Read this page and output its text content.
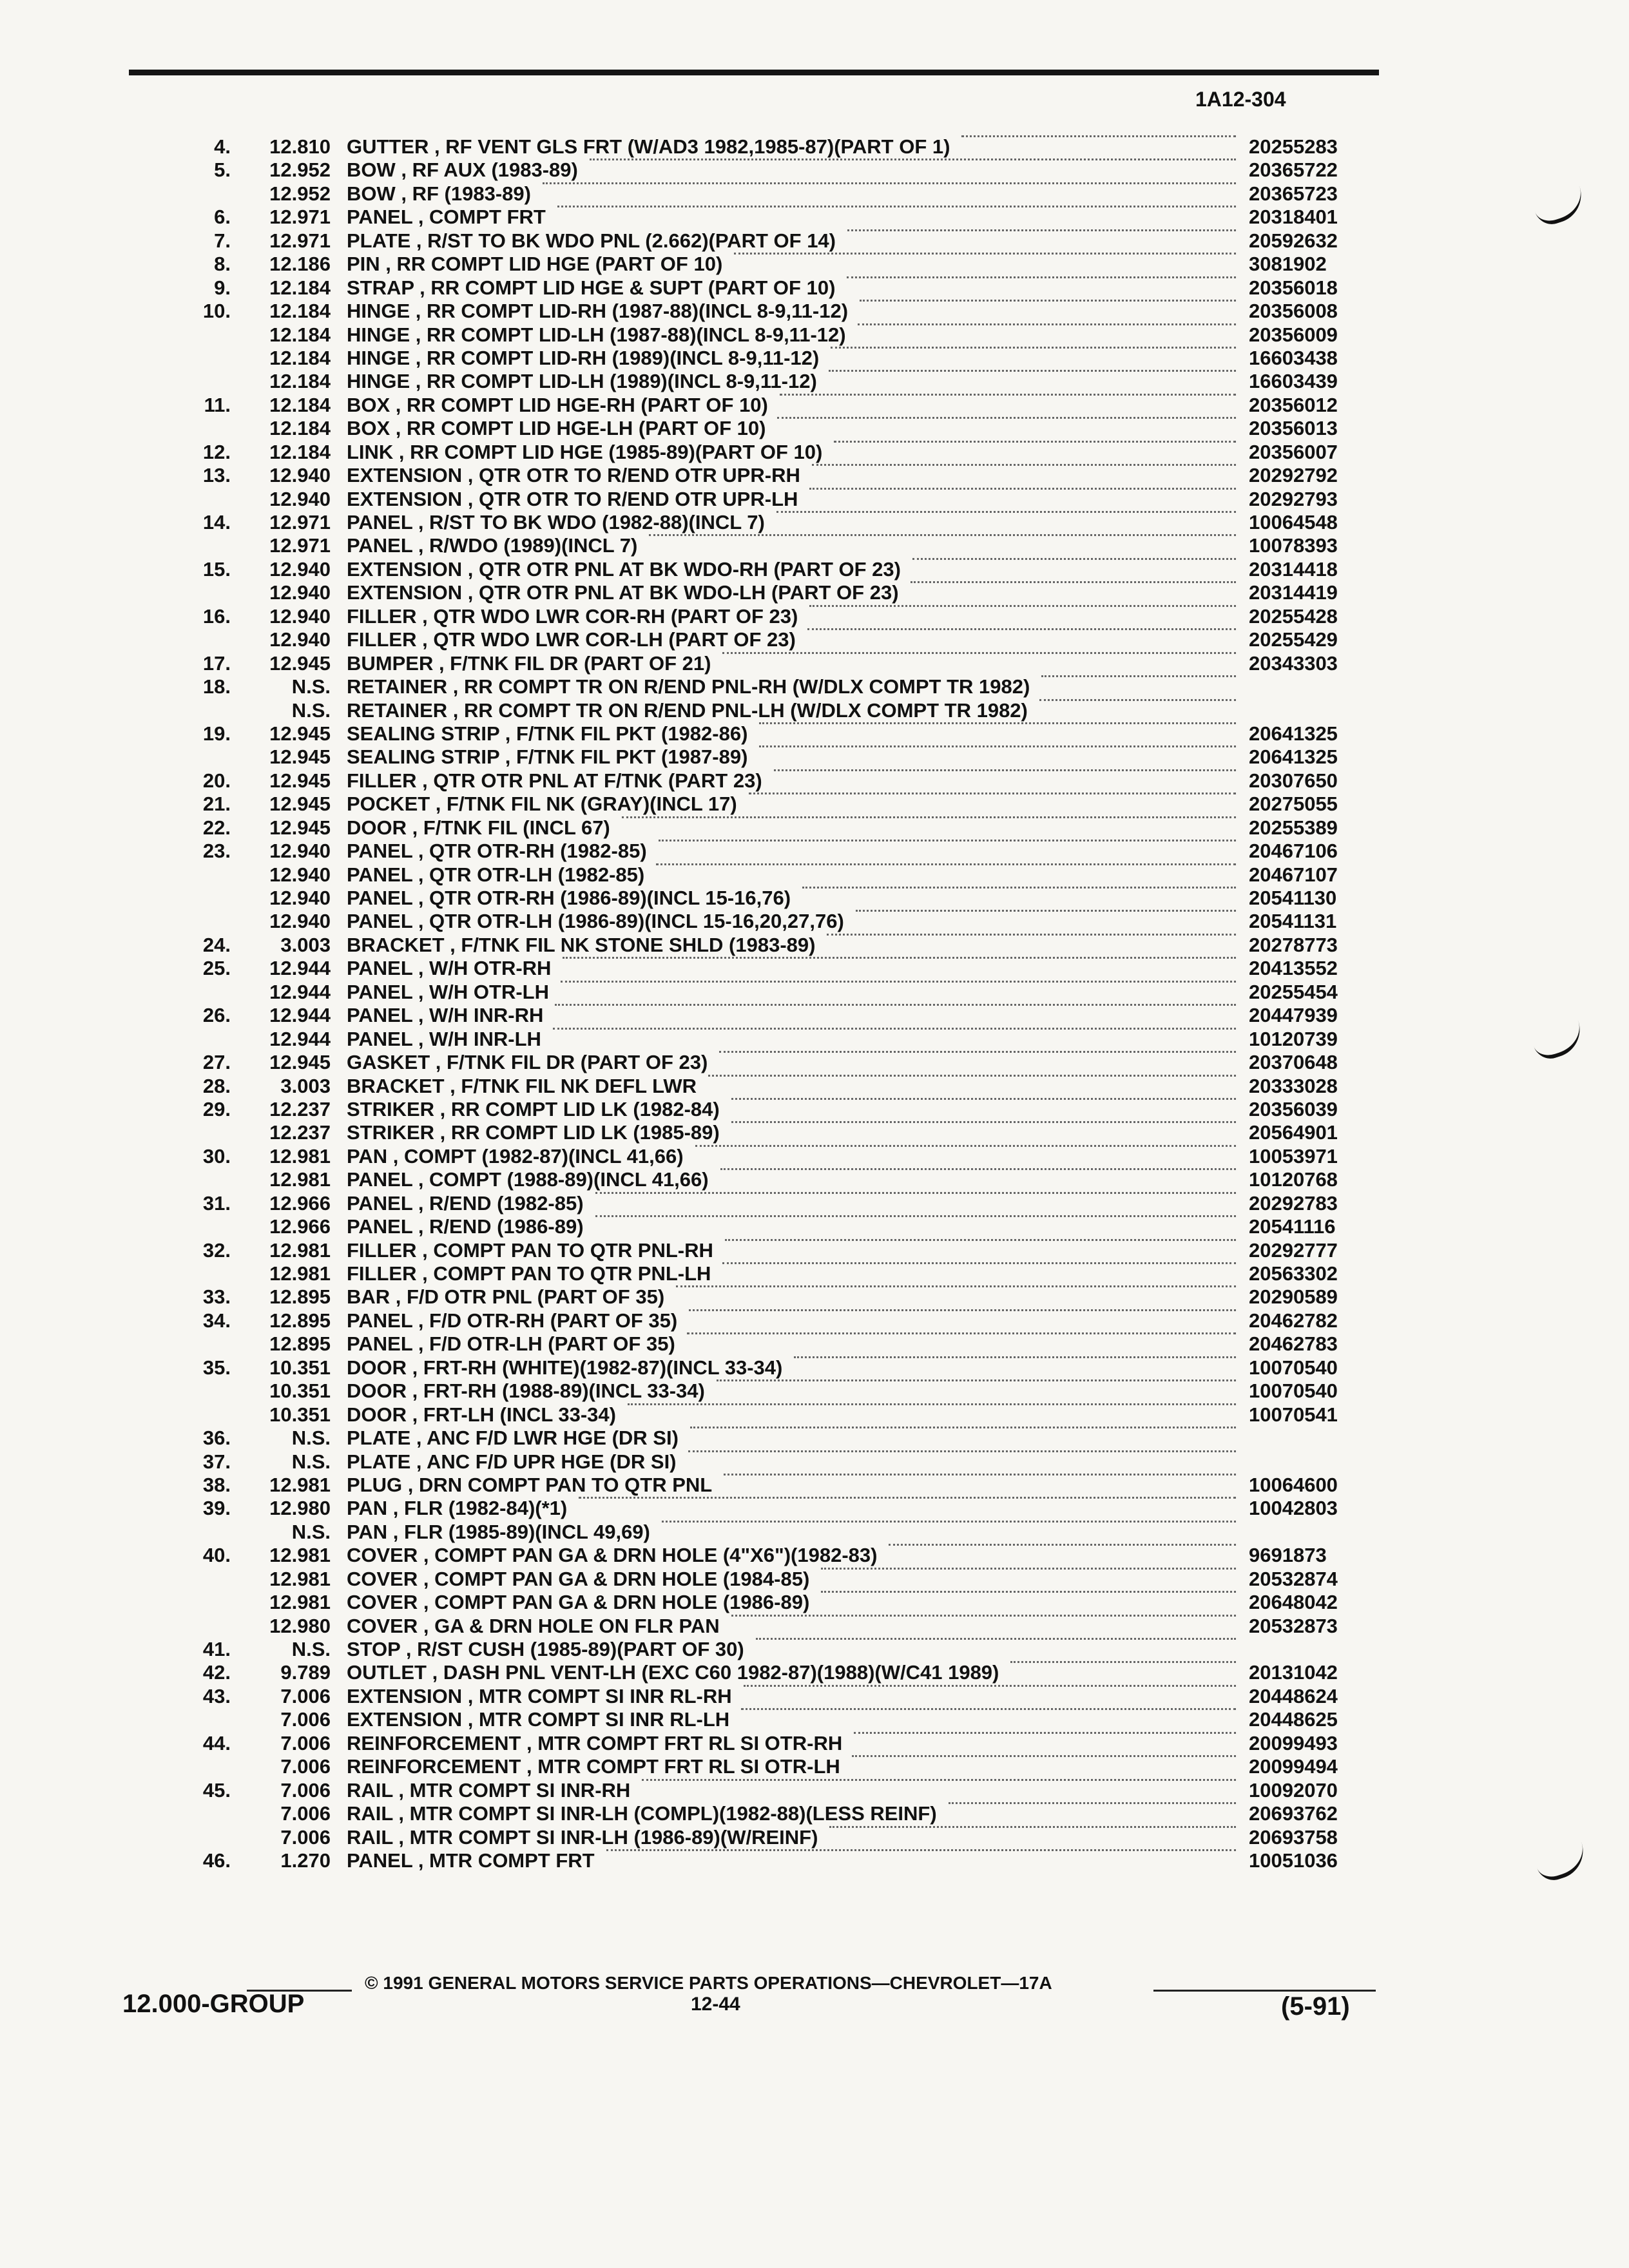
1A12-304
4. 12.810 GUTTER , RF VENT GLS FRT (W/AD3 1982,1985-87)(PART OF 1)	20255283
5. 12.952 BOW , RF AUX (1983-89)	20365722
12.952 BOW , RF (1983-89)	20365723
6. 12.971 PANEL , COMPT FRT	20318401
7. 12.971 PLATE , R/ST TO BK WDO PNL (2.662)(PART OF 14)	20592632
8. 12.186 PIN , RR COMPT LID HGE (PART OF 10)	3081902
9. 12.184 STRAP , RR COMPT LID HGE & SUPT (PART OF 10)	20356018
10. 12.184 HINGE , RR COMPT LID-RH (1987-88)(INCL 8-9,11-12)	20356008
12.184 HINGE , RR COMPT LID-LH (1987-88)(INCL 8-9,11-12)	20356009
12.184 HINGE , RR COMPT LID-RH (1989)(INCL 8-9,11-12)	16603438
12.184 HINGE , RR COMPT LID-LH (1989)(INCL 8-9,11-12)	16603439
11. 12.184 BOX , RR COMPT LID HGE-RH (PART OF 10)	20356012
12.184 BOX , RR COMPT LID HGE-LH (PART OF 10)	20356013
12. 12.184 LINK , RR COMPT LID HGE (1985-89)(PART OF 10)	20356007
13. 12.940 EXTENSION , QTR OTR TO R/END OTR UPR-RH	20292792
12.940 EXTENSION , QTR OTR TO R/END OTR UPR-LH	20292793
14. 12.971 PANEL , R/ST TO BK WDO (1982-88)(INCL 7)	10064548
12.971 PANEL , R/WDO (1989)(INCL 7)	10078393
15. 12.940 EXTENSION , QTR OTR PNL AT BK WDO-RH (PART OF 23)	20314418
12.940 EXTENSION , QTR OTR PNL AT BK WDO-LH (PART OF 23)	20314419
16. 12.940 FILLER , QTR WDO LWR COR-RH (PART OF 23)	20255428
12.940 FILLER , QTR WDO LWR COR-LH (PART OF 23)	20255429
17. 12.945 BUMPER , F/TNK FIL DR (PART OF 21)	20343303
18.	N.S. RETAINER , RR COMPT TR ON R/END PNL-RH (W/DLX COMPT TR 1982)
N.S. RETAINER , RR COMPT TR ON R/END PNL-LH (W/DLX COMPT TR 1982)
19. 12.945 SEALING STRIP , F/TNK FIL PKT (1982-86)	20641325
12.945 SEALING STRIP , F/TNK FIL PKT (1987-89)	20641325
20. 12.945 FILLER , QTR OTR PNL AT F/TNK (PART 23)	20307650
21. 12.945 POCKET , F/TNK FIL NK (GRAY)(INCL 17)	20275055
22. 12.945 DOOR , F/TNK FIL (INCL 67)	20255389
23. 12.940 PANEL , QTR OTR-RH (1982-85)	20467106
12.940 PANEL , QTR OTR-LH (1982-85)	20467107
12.940 PANEL , QTR OTR-RH (1986-89)(INCL 15-16,76)	20541130
12.940 PANEL , QTR OTR-LH (1986-89)(INCL 15-16,20,27,76)	20541131
24. 3.003 BRACKET , F/TNK FIL NK STONE SHLD (1983-89)	20278773
25. 12.944 PANEL , W/H OTR-RH	20413552
12.944 PANEL , W/H OTR-LH	20255454
26. 12.944 PANEL , W/H INR-RH	20447939
12.944 PANEL , W/H INR-LH	10120739
27. 12.945 GASKET , F/TNK FIL DR (PART OF 23)	20370648
28. 3.003 BRACKET , F/TNK FIL NK DEFL LWR	20333028
29. 12.237 STRIKER , RR COMPT LID LK (1982-84)	20356039
12.237 STRIKER , RR COMPT LID LK (1985-89)	20564901
30. 12.981 PAN , COMPT (1982-87)(INCL 41,66)	10053971
12.981 PANEL , COMPT (1988-89)(INCL 41,66)	10120768
31. 12.966 PANEL , R/END (1982-85)	20292783
12.966 PANEL , R/END (1986-89)	20541116
32. 12.981 FILLER , COMPT PAN TO QTR PNL-RH	20292777
12.981 FILLER , COMPT PAN TO QTR PNL-LH	20563302
33. 12.895 BAR , F/D OTR PNL (PART OF 35)	20290589
34. 12.895 PANEL , F/D OTR-RH (PART OF 35)	20462782
12.895 PANEL , F/D OTR-LH (PART OF 35)	20462783
35. 10.351 DOOR , FRT-RH (WHITE)(1982-87)(INCL 33-34)	10070540
10.351 DOOR , FRT-RH (1988-89)(INCL 33-34)	10070540
10.351 DOOR , FRT-LH (INCL 33-34)	10070541
36.	N.S. PLATE , ANC F/D LWR HGE (DR SI)
37.	N.S. PLATE , ANC F/D UPR HGE (DR SI)
38. 12.981 PLUG , DRN COMPT PAN TO QTR PNL	10064600
39. 12.980 PAN , FLR (1982-84)(*1)	10042803
N.S. PAN , FLR (1985-89)(INCL 49,69)
40. 12.981 COVER , COMPT PAN GA & DRN HOLE (4"X6")(1982-83)	9691873
12.981 COVER , COMPT PAN GA & DRN HOLE (1984-85)	20532874
12.981 COVER , COMPT PAN GA & DRN HOLE (1986-89)	20648042
12.980 COVER , GA & DRN HOLE ON FLR PAN	20532873
41.	N.S. STOP , R/ST CUSH (1985-89)(PART OF 30)
42. 9.789 OUTLET , DASH PNL VENT-LH (EXC C60 1982-87)(1988)(W/C41 1989)	20131042
43. 7.006 EXTENSION , MTR COMPT SI INR RL-RH	20448624
7.006 EXTENSION , MTR COMPT SI INR RL-LH	20448625
44. 7.006 REINFORCEMENT , MTR COMPT FRT RL SI OTR-RH	20099493
7.006 REINFORCEMENT , MTR COMPT FRT RL SI OTR-LH	20099494
45. 7.006 RAIL , MTR COMPT SI INR-RH	10092070
7.006 RAIL , MTR COMPT SI INR-LH (COMPL)(1982-88)(LESS REINF)	20693762
7.006 RAIL , MTR COMPT SI INR-LH (1986-89)(W/REINF)	20693758
46. 1.270 PANEL , MTR COMPT FRT	10051036
© 1991 GENERAL MOTORS SERVICE PARTS OPERATIONS—CHEVROLET—17A
12.000-GROUP	12-44	(5-91)
